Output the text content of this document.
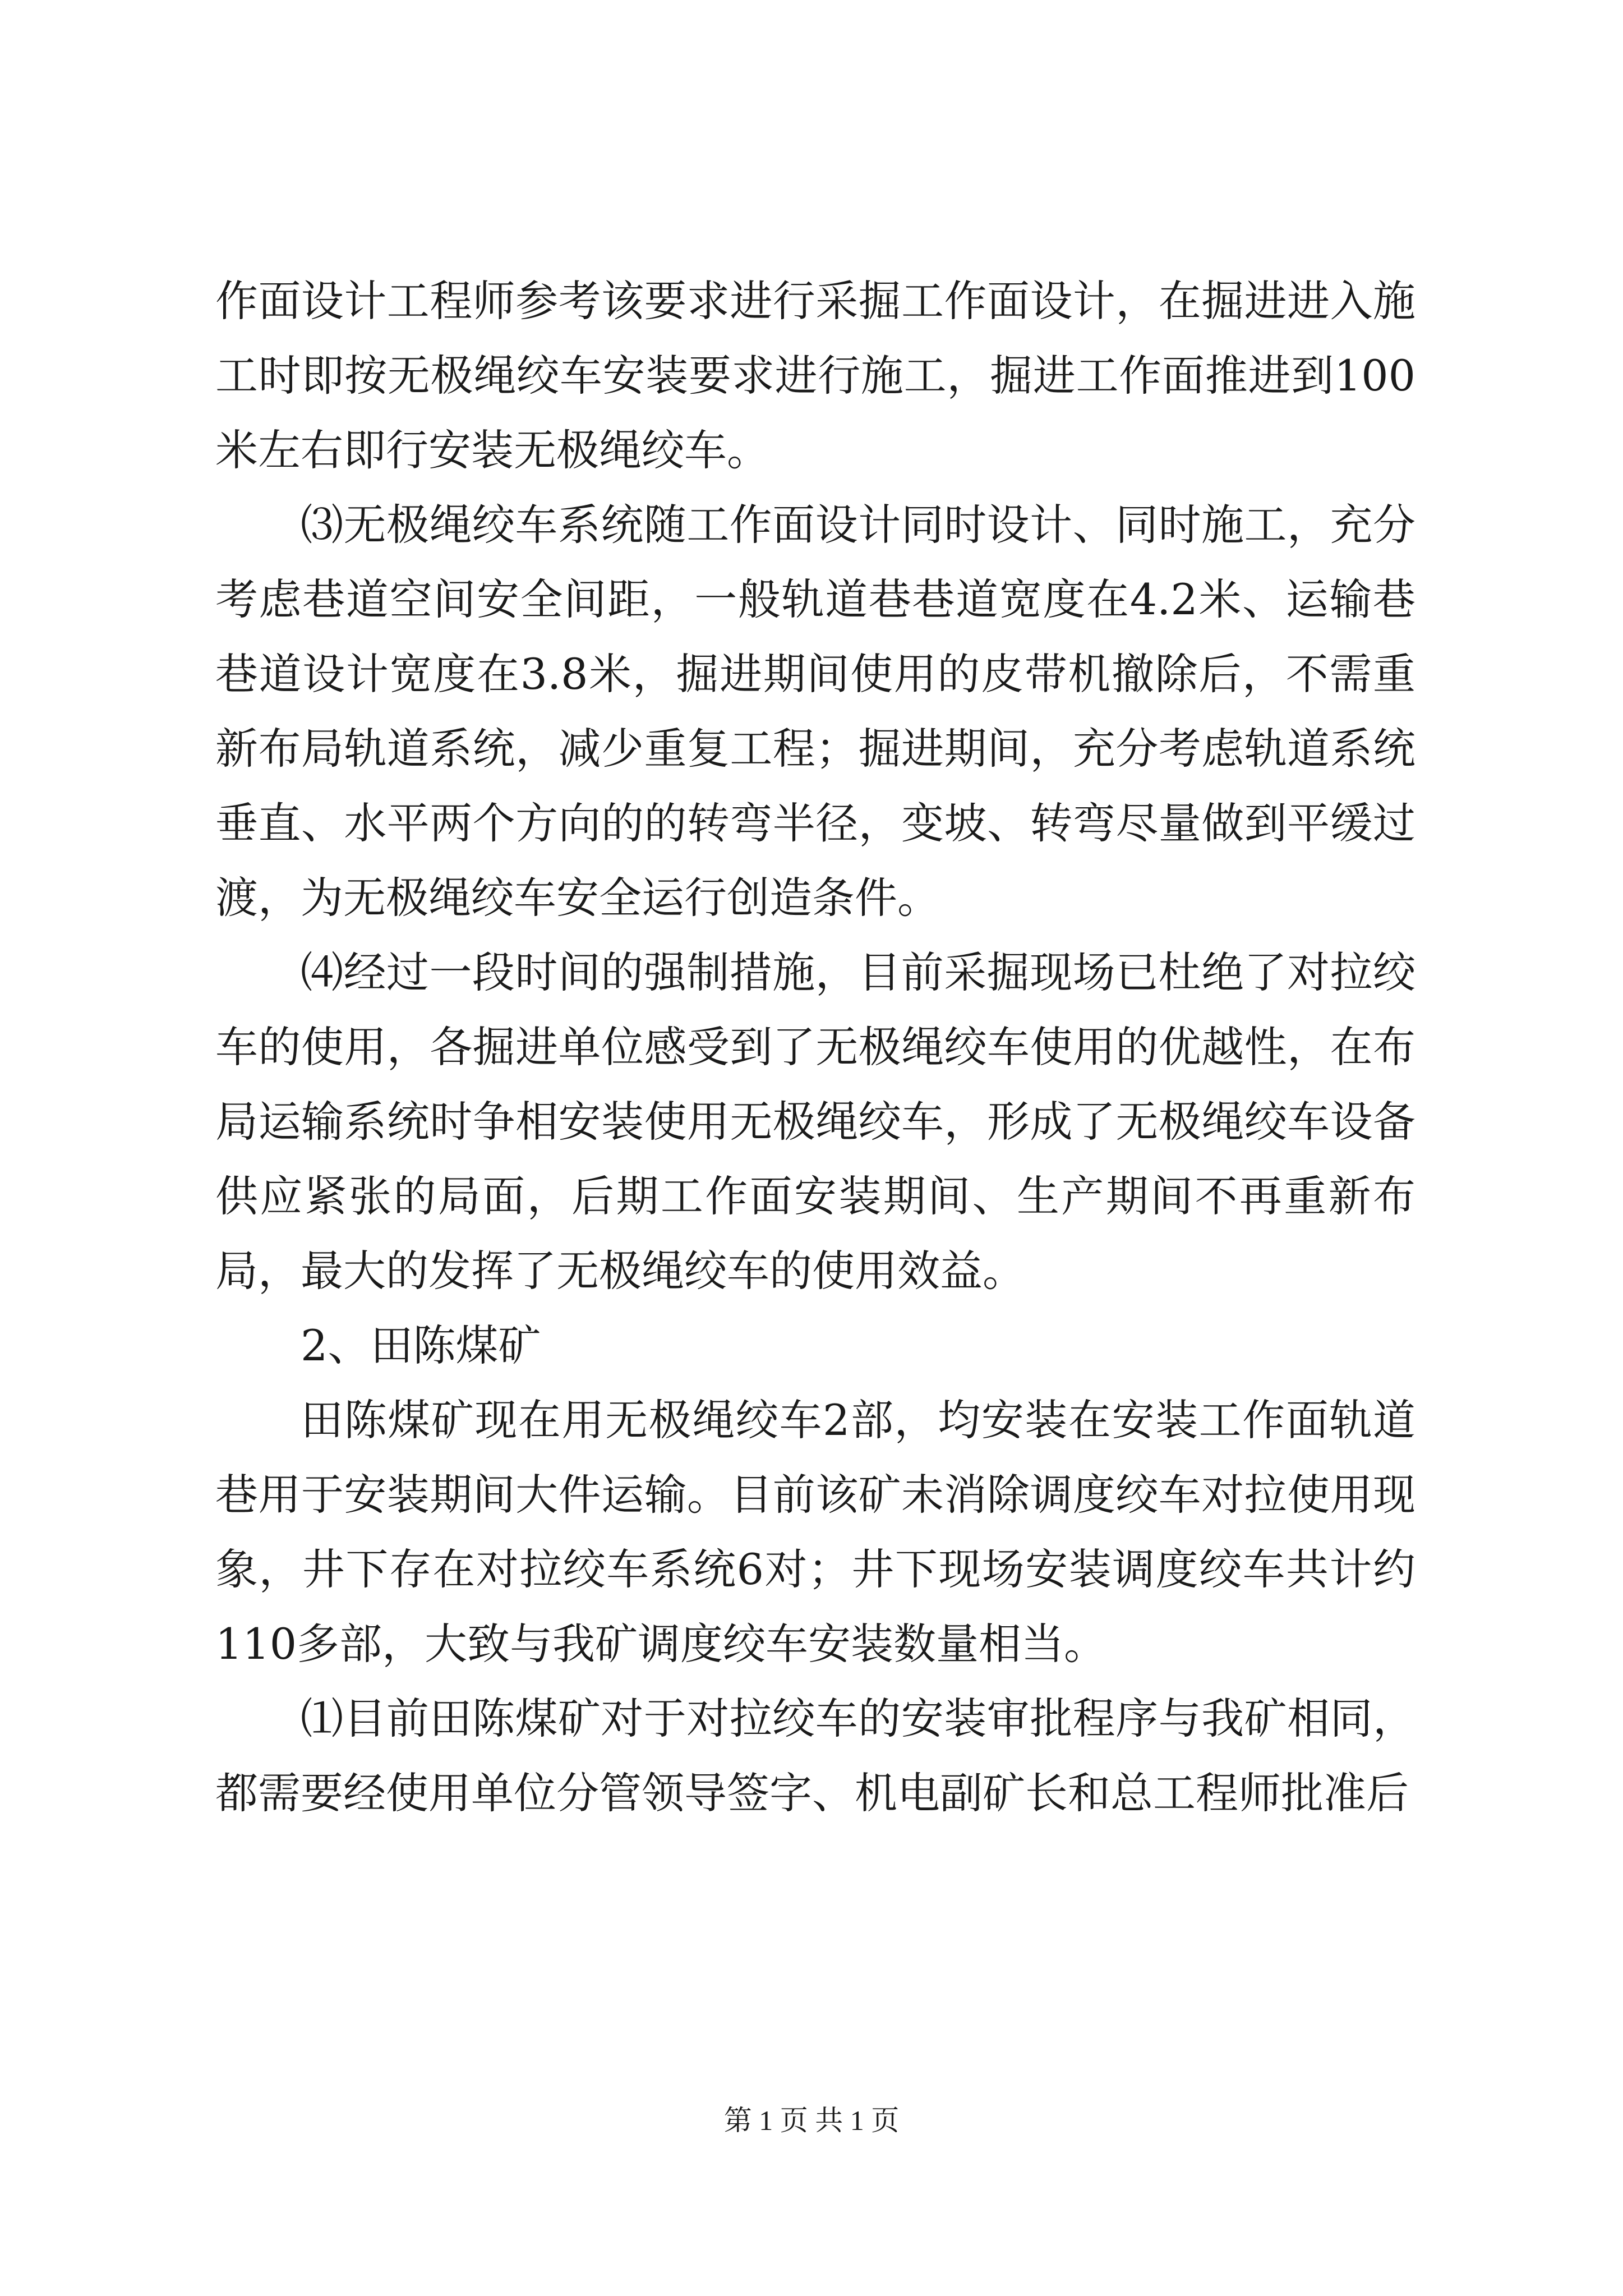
作面设计工程师参考该要求进行采掘工作面设计，在掘进进入施工时即按无极绳绞车安装要求进行施工，掘进工作面推进到100米左右即行安装无极绳绞车。

⑶无极绳绞车系统随工作面设计同时设计、同时施工，充分考虑巷道空间安全间距，一般轨道巷巷道宽度在4.2米、运输巷巷道设计宽度在3.8米，掘进期间使用的皮带机撤除后，不需重新布局轨道系统，减少重复工程；掘进期间，充分考虑轨道系统垂直、水平两个方向的的转弯半径，变坡、转弯尽量做到平缓过渡，为无极绳绞车安全运行创造条件。

⑷经过一段时间的强制措施，目前采掘现场已杜绝了对拉绞车的使用，各掘进单位感受到了无极绳绞车使用的优越性，在布局运输系统时争相安装使用无极绳绞车，形成了无极绳绞车设备供应紧张的局面，后期工作面安装期间、生产期间不再重新布局，最大的发挥了无极绳绞车的使用效益。

2、田陈煤矿

田陈煤矿现在用无极绳绞车2部，均安装在安装工作面轨道巷用于安装期间大件运输。目前该矿未消除调度绞车对拉使用现象，井下存在对拉绞车系统6对；井下现场安装调度绞车共计约110多部，大致与我矿调度绞车安装数量相当。

⑴目前田陈煤矿对于对拉绞车的安装审批程序与我矿相同，都需要经使用单位分管领导签字、机电副矿长和总工程师批准后

第 1 页 共 1 页
